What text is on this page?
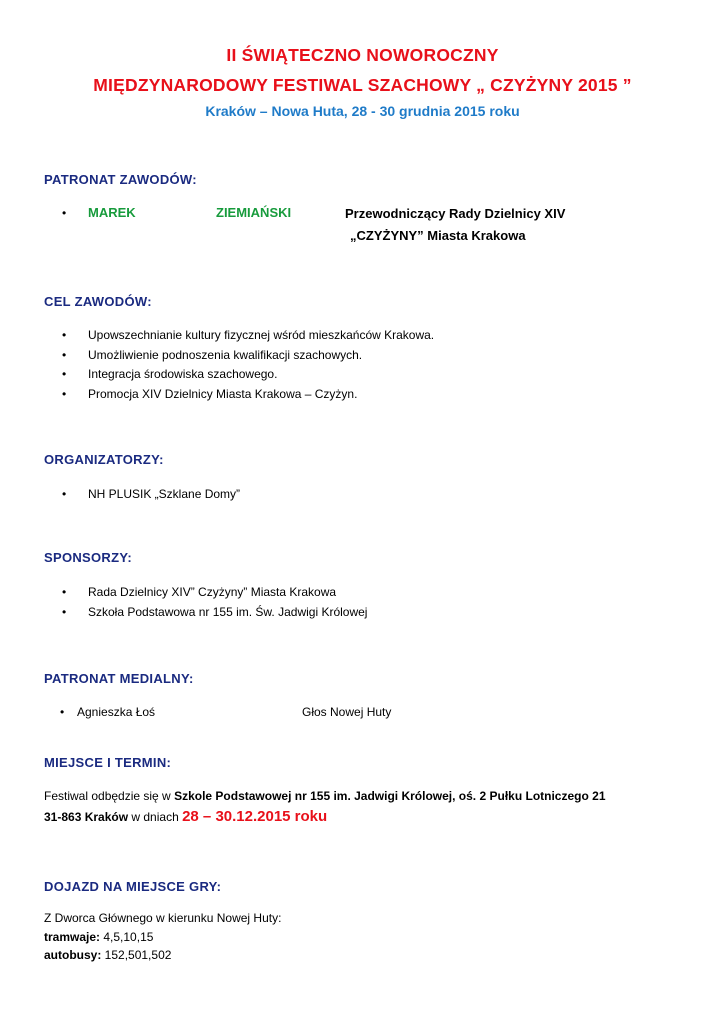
II ŚWIĄTECZNO NOWOROCZNY
MIĘDZYNARODOWY FESTIWAL SZACHOWY „ CZYŻYNY 2015 ”
Kraków – Nowa Huta, 28 - 30 grudnia 2015 roku
PATRONAT ZAWODÓW:
• MAREK	ZIEMIAŃSKI	Przewodniczący Rady Dzielnicy XIV
„CZYŻYNY” Miasta Krakowa
CEL ZAWODÓW:
• Upowszechnianie kultury fizycznej wśród mieszkańców Krakowa.
• Umożliwienie podnoszenia kwalifikacji szachowych.
• Integracja środowiska szachowego.
• Promocja XIV Dzielnicy Miasta Krakowa – Czyżyn.
ORGANIZATORZY:
• NH PLUSIK „Szklane Domy”
SPONSORZY:
• Rada Dzielnicy XIV” Czyżyny” Miasta Krakowa
• Szkoła Podstawowa nr 155 im. Św. Jadwigi Królowej
PATRONAT MEDIALNY:
• Agnieszka Łoś	Głos Nowej Huty
MIEJSCE I TERMIN:
Festiwal odbędzie się w Szkole Podstawowej nr 155 im. Jadwigi Królowej, oś. 2 Pułku Lotniczego 21
31-863 Kraków w dniach 28 – 30.12.2015 roku
DOJAZD NA MIEJSCE GRY:
Z Dworca Głównego w kierunku Nowej Huty:
tramwaje: 4,5,10,15
autobusy: 152,501,502
